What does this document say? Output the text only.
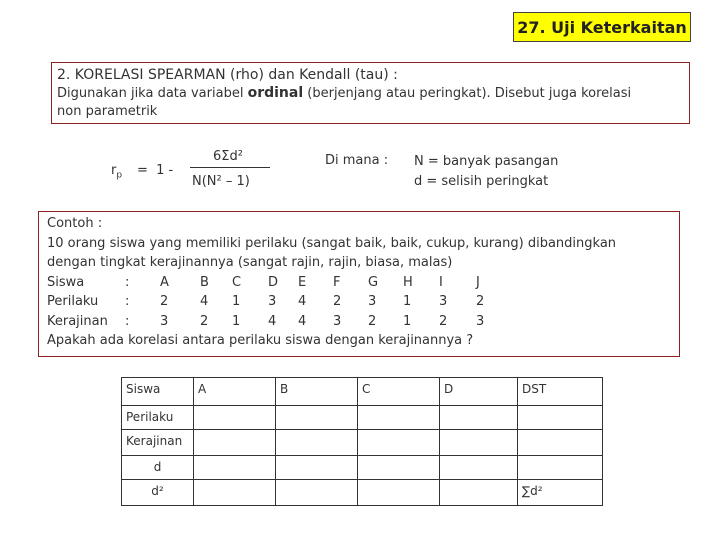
27. Uji Keterkaitan
2. KORELASI SPEARMAN (rho) dan Kendall (tau) :
Digunakan jika data variabel ordinal (berjenjang atau peringkat). Disebut juga korelasi
non parametrik
$r_p = 1$ -
6Σd²
N(N² – 1)
Di mana : N = banyak pasangan
d = selisih peringkat
Contoh :
10 orang siswa yang memiliki perilaku (sangat baik, baik, cukup, kurang) dibandingkan
dengan tingkat kerajinannya (sangat rajin, rajin, biasa, malas)
Siswa	: A B C D E F G H I	J
Perilaku : 2 4 1 3 4 2 3 1 3 2
Kerajinan : 3 2 1 4 4 3 2 1 2 3
Apakah ada korelasi antara perilaku siswa dengan kerajinannya ?
Siswa	A	B	C	D	DST
Perilaku					
Kerajinan					
d					
d²					∑d²
